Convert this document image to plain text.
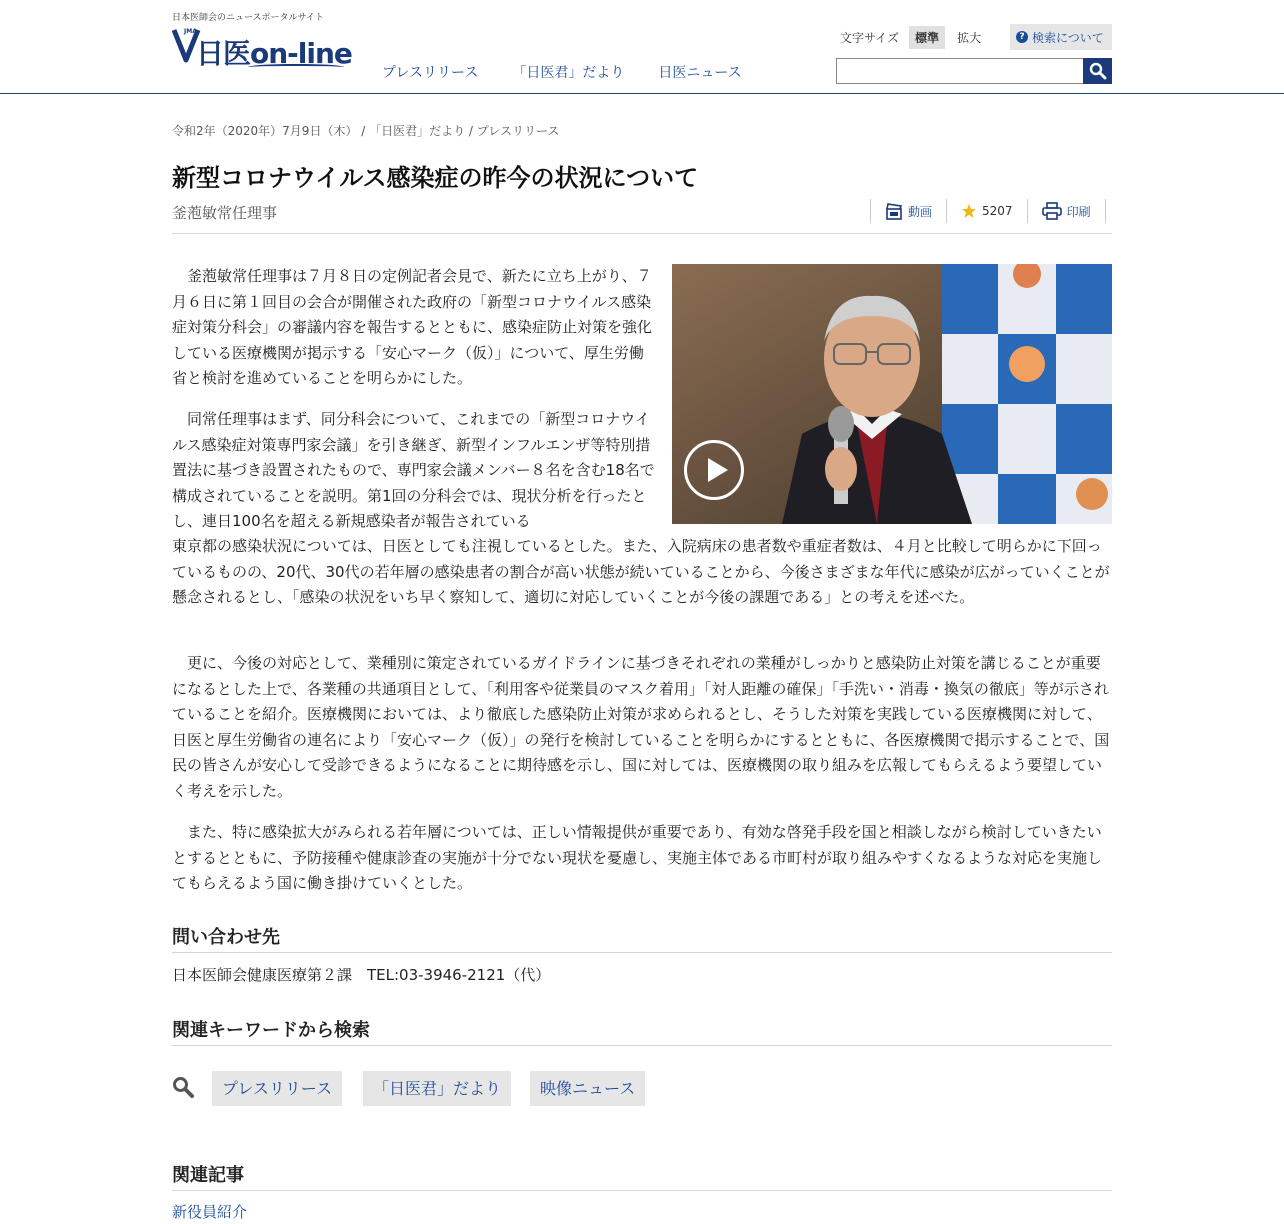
日本医師会のニュースポータルサイト
JMA
日医on-line
プレスリリース 「日医君」だより 日医ニュース
文字サイズ	標準	拡大	? 検索について
令和2年（2020年）7月9日（木） / 「日医君」だより / プレスリリース
新型コロナウイルス感染症の昨今の状況について
釜萢敏常任理事	動画	5207	印刷

釜萢敏常任理事は７月８日の定例記者会見で、新たに立ち上がり、７月６日に第１回目の会合が開催された政府の「新型コロナウイルス感染症対策分科会」の審議内容を報告するとともに、感染症防止対策を強化している医療機関が掲示する「安心マーク（仮）」について、厚生労働省と検討を進めていることを明らかにした。

同常任理事はまず、同分科会について、これまでの「新型コロナウイルス感染症対策専門家会議」を引き継ぎ、新型インフルエンザ等特別措置法に基づき設置されたもので、専門家会議メンバー８名を含む18名で構成されていることを説明。第1回の分科会では、現状分析を行ったとし、連日100名を超える新規感染者が報告されている

東京都の感染状況については、日医としても注視しているとした。また、入院病床の患者数や重症者数は、４月と比較して明らかに下回っているものの、20代、30代の若年層の感染患者の割合が高い状態が続いていることから、今後さまざまな年代に感染が広がっていくことが懸念されるとし、「感染の状況をいち早く察知して、適切に対応していくことが今後の課題である」との考えを述べた。

更に、今後の対応として、業種別に策定されているガイドラインに基づきそれぞれの業種がしっかりと感染防止対策を講じることが重要になるとした上で、各業種の共通項目として、「利用客や従業員のマスク着用」「対人距離の確保」「手洗い・消毒・換気の徹底」等が示されていることを紹介。医療機関においては、より徹底した感染防止対策が求められるとし、そうした対策を実践している医療機関に対して、日医と厚生労働省の連名により「安心マーク（仮）」の発行を検討していることを明らかにするとともに、各医療機関で掲示することで、国民の皆さんが安心して受診できるようになることに期待感を示し、国に対しては、医療機関の取り組みを広報してもらえるよう要望していく考えを示した。

また、特に感染拡大がみられる若年層については、正しい情報提供が重要であり、有効な啓発手段を国と相談しながら検討していきたいとするとともに、予防接種や健康診査の実施が十分でない現状を憂慮し、実施主体である市町村が取り組みやすくなるような対応を実施してもらえるよう国に働き掛けていくとした。

問い合わせ先
日本医師会健康医療第２課　TEL:03-3946-2121（代）
関連キーワードから検索
プレスリリース	「日医君」だより	映像ニュース
関連記事
新役員紹介
